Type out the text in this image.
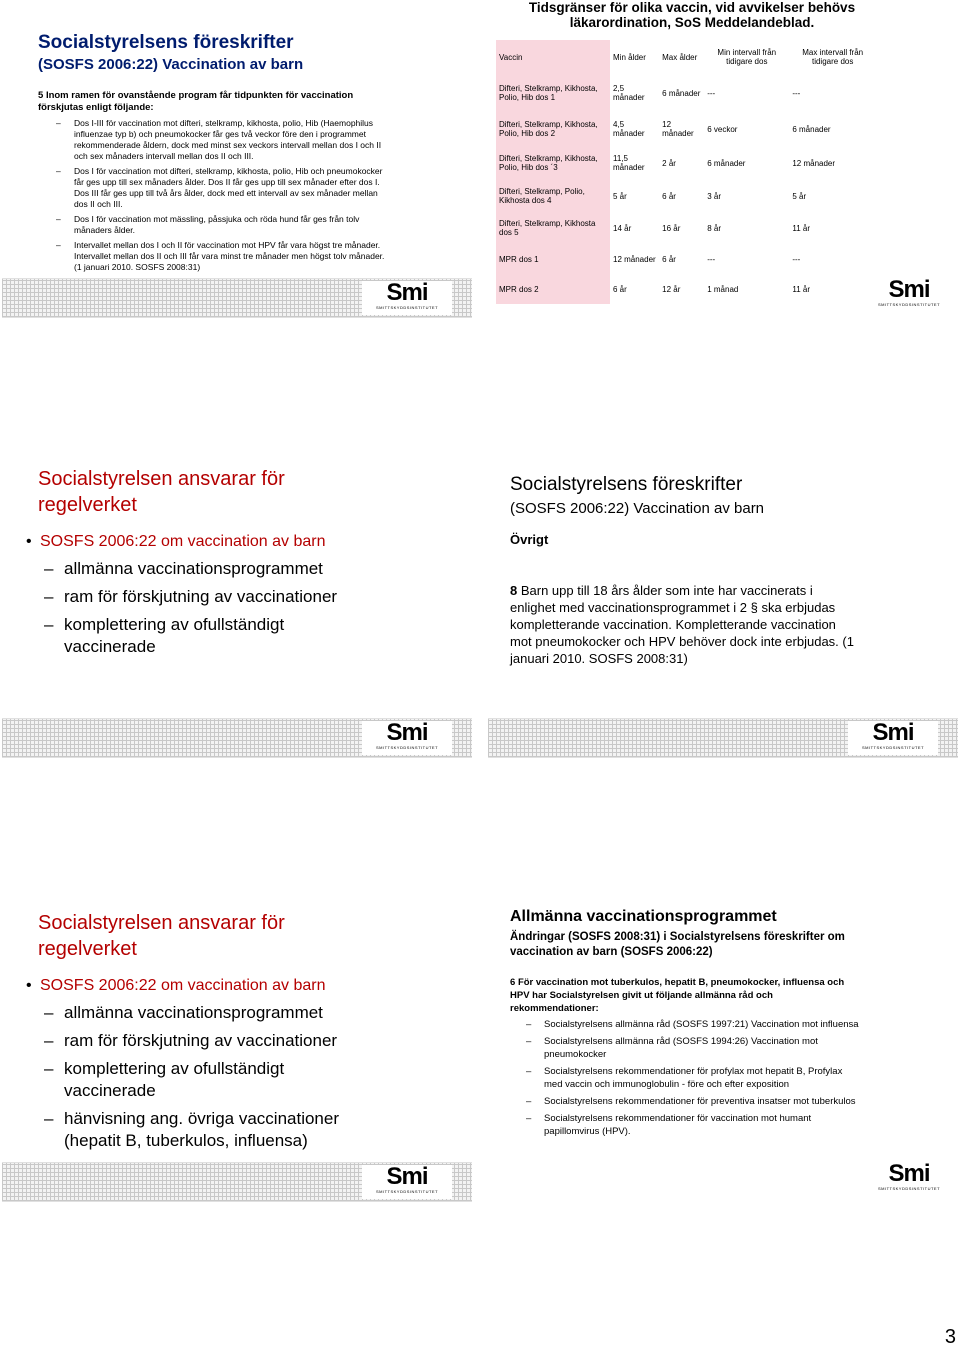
Socialstyrelsens föreskrifter
(SOSFS 2006:22) Vaccination av barn
5 Inom ramen för ovanstående program får tidpunkten för vaccination förskjutas enligt följande:
– Dos I-III för vaccination mot difteri, stelkramp, kikhosta, polio, Hib (Haemophilus influenzae typ b) och pneumokocker får ges två veckor före den i programmet rekommenderade åldern, dock med minst sex veckors intervall mellan dos I och II och sex månaders intervall mellan dos II och III.
– Dos I för vaccination mot difteri, stelkramp, kikhosta, polio, Hib och pneumokocker får ges upp till sex månaders ålder. Dos II får ges upp till sex månader efter dos I. Dos III får ges upp till två års ålder, dock med ett intervall av sex månader mellan dos II och III.
– Dos I för vaccination mot mässling, påssjuka och röda hund får ges från tolv månaders ålder.
– Intervallet mellan dos I och II för vaccination mot HPV får vara högst tre månader. Intervallet mellan dos II och III får vara minst tre månader men högst tolv månader. (1 januari 2010. SOSFS 2008:31)
Smi
SMITTSKYDDSINSTITUTET
Tidsgränser för olika vaccin, vid avvikelser behövs läkarordination, SoS Meddelandeblad.
Vaccin	Min ålder	Max ålder	Min intervall från tidigare dos	Max intervall från tidigare dos
Difteri, Stelkramp, Kikhosta, Polio, Hib dos 1	2,5 månader	6 månader	---	---
Difteri, Stelkramp, Kikhosta, Polio, Hib dos 2	4,5 månader	12 månader	6 veckor	6 månader
Difteri, Stelkramp, Kikhosta, Polio, Hib dos ´3	11,5 månader	2 år	6 månader	12 månader
Difteri, Stelkramp, Polio, Kikhosta dos 4	5 år	6 år	3 år	5 år
Difteri, Stelkramp, Kikhosta dos 5	14 år	16 år	8 år	11 år
MPR dos 1	12 månader	6 år	---	---
MPR dos 2	6 år	12 år	1 månad	11 år	Smi
SMITTSKYDDSINSTITUTET
Socialstyrelsen ansvarar för regelverket
• SOSFS 2006:22 om vaccination av barn
– allmänna vaccinationsprogrammet
– ram för förskjutning av vaccinationer
– komplettering av ofullständigt vaccinerade
Smi
SMITTSKYDDSINSTITUTET
Socialstyrelsens föreskrifter
(SOSFS 2006:22) Vaccination av barn
Övrigt
8 Barn upp till 18 års ålder som inte har vaccinerats i enlighet med vaccinationsprogrammet i 2 § ska erbjudas kompletterande vaccination. Kompletterande vaccination mot pneumokocker och HPV behöver dock inte erbjudas. (1 januari 2010. SOSFS 2008:31)
Smi
SMITTSKYDDSINSTITUTET
Socialstyrelsen ansvarar för regelverket
• SOSFS 2006:22 om vaccination av barn
– allmänna vaccinationsprogrammet
– ram för förskjutning av vaccinationer
– komplettering av ofullständigt vaccinerade
– hänvisning ang. övriga vaccinationer (hepatit B, tuberkulos, influensa)
Smi
SMITTSKYDDSINSTITUTET
Allmänna vaccinationsprogrammet
Ändringar (SOSFS 2008:31) i Socialstyrelsens föreskrifter om vaccination av barn (SOSFS 2006:22)
6 För vaccination mot tuberkulos, hepatit B, pneumokocker, influensa och HPV har Socialstyrelsen givit ut följande allmänna råd och rekommendationer:
– Socialstyrelsens allmänna råd (SOSFS 1997:21) Vaccination mot influensa
– Socialstyrelsens allmänna råd (SOSFS 1994:26) Vaccination mot pneumokocker
– Socialstyrelsens rekommendationer för profylax mot hepatit B, Profylax med vaccin och immunoglobulin - före och efter exposition
– Socialstyrelsens rekommendationer för preventiva insatser mot tuberkulos
– Socialstyrelsens rekommendationer för vaccination mot humant papillomvirus (HPV).
Smi
SMITTSKYDDSINSTITUTET
3
